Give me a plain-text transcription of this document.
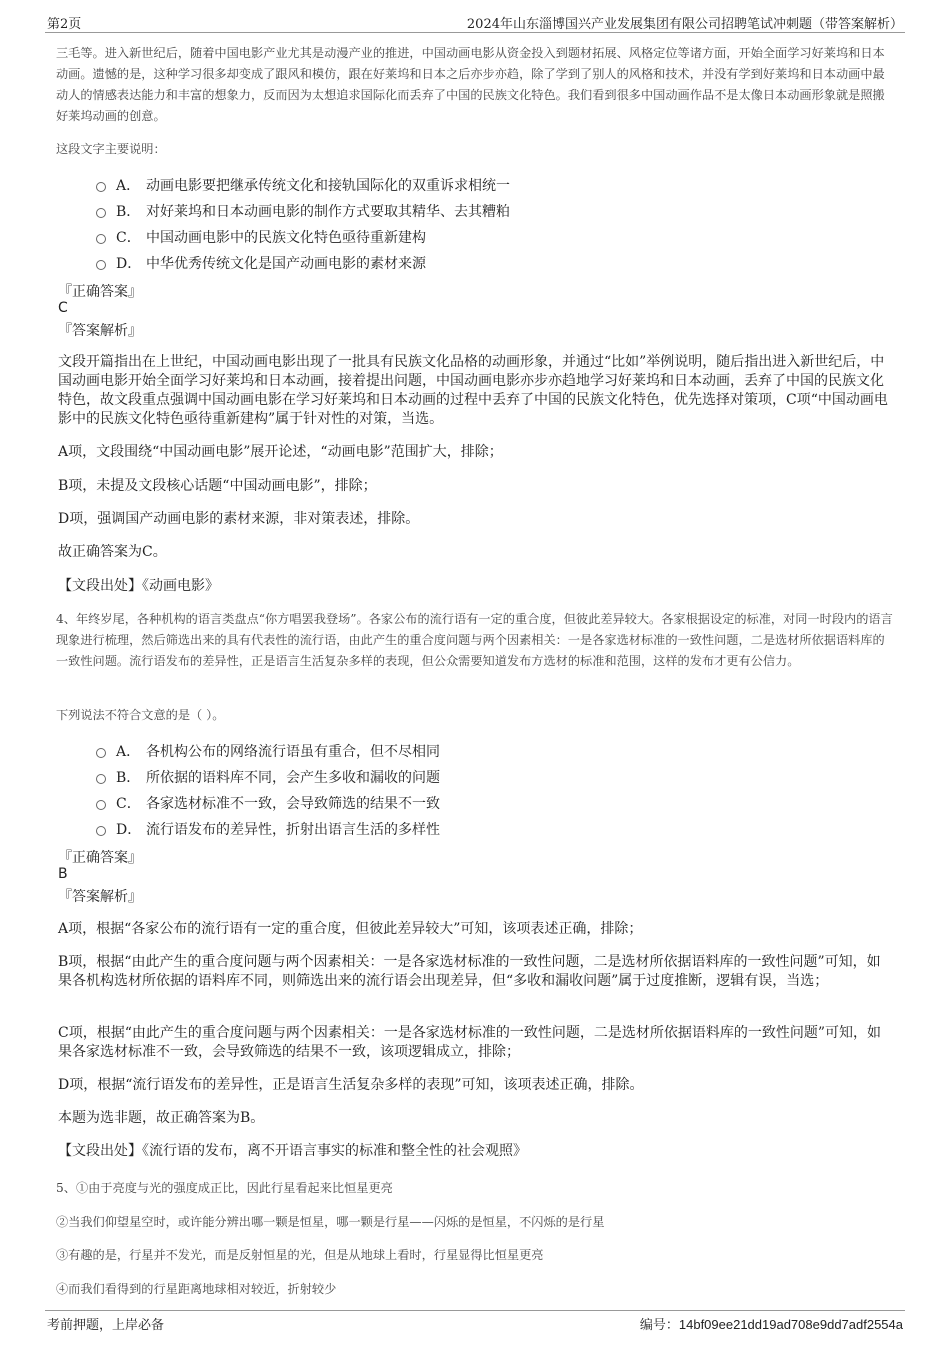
第2页	2024年山东淄博国兴产业发展集团有限公司招聘笔试冲刺题（带答案解析）
三毛等。进入新世纪后，随着中国电影产业尤其是动漫产业的推进，中国动画电影从资金投入到题材拓展、风格定位等诸方面，开始全面学习好莱坞和日本动画。遗憾的是，这种学习很多却变成了跟风和模仿，跟在好莱坞和日本之后亦步亦趋，除了学到了别人的风格和技术，并没有学到好莱坞和日本动画中最动人的情感表达能力和丰富的想象力，反而因为太想追求国际化而丢弃了中国的民族文化特色。我们看到很多中国动画作品不是太像日本动画形象就是照搬好莱坞动画的创意。
这段文字主要说明：
A． 动画电影要把继承传统文化和接轨国际化的双重诉求相统一
B． 对好莱坞和日本动画电影的制作方式要取其精华、去其糟粕
C． 中国动画电影中的民族文化特色亟待重新建构
D． 中华优秀传统文化是国产动画电影的素材来源
『正确答案』
C
『答案解析』
文段开篇指出在上世纪，中国动画电影出现了一批具有民族文化品格的动画形象，并通过“比如”举例说明，随后指出进入新世纪后，中国动画电影开始全面学习好莱坞和日本动画，接着提出问题，中国动画电影亦步亦趋地学习好莱坞和日本动画，丢弃了中国的民族文化特色，故文段重点强调中国动画电影在学习好莱坞和日本动画的过程中丢弃了中国的民族文化特色，优先选择对策项，C项“中国动画电影中的民族文化特色亟待重新建构”属于针对性的对策，当选。
A项，文段围绕“中国动画电影”展开论述，“动画电影”范围扩大，排除；
B项，未提及文段核心话题“中国动画电影”，排除；
D项，强调国产动画电影的素材来源，非对策表述，排除。
故正确答案为C。
【文段出处】《动画电影》
4、年终岁尾，各种机构的语言类盘点“你方唱罢我登场”。各家公布的流行语有一定的重合度，但彼此差异较大。各家根据设定的标准，对同一时段内的语言现象进行梳理，然后筛选出来的具有代表性的流行语，由此产生的重合度问题与两个因素相关：一是各家选材标准的一致性问题，二是选材所依据语料库的一致性问题。流行语发布的差异性，正是语言生活复杂多样的表现，但公众需要知道发布方选材的标准和范围，这样的发布才更有公信力。
下列说法不符合文意的是（ ）。
A． 各机构公布的网络流行语虽有重合，但不尽相同
B． 所依据的语料库不同，会产生多收和漏收的问题
C． 各家选材标准不一致，会导致筛选的结果不一致
D． 流行语发布的差异性，折射出语言生活的多样性
『正确答案』
B
『答案解析』
A项，根据“各家公布的流行语有一定的重合度，但彼此差异较大”可知，该项表述正确，排除；
B项，根据“由此产生的重合度问题与两个因素相关：一是各家选材标准的一致性问题，二是选材所依据语料库的一致性问题”可知，如果各机构选材所依据的语料库不同，则筛选出来的流行语会出现差异，但“多收和漏收问题”属于过度推断，逻辑有误，当选；
C项，根据“由此产生的重合度问题与两个因素相关：一是各家选材标准的一致性问题，二是选材所依据语料库的一致性问题”可知，如果各家选材标准不一致，会导致筛选的结果不一致，该项逻辑成立，排除；
D项，根据“流行语发布的差异性，正是语言生活复杂多样的表现”可知，该项表述正确，排除。
本题为选非题，故正确答案为B。
【文段出处】《流行语的发布，离不开语言事实的标准和整全性的社会观照》
5、①由于亮度与光的强度成正比，因此行星看起来比恒星更亮
②当我们仰望星空时，或许能分辨出哪一颗是恒星，哪一颗是行星——闪烁的是恒星，不闪烁的是行星
③有趣的是，行星并不发光，而是反射恒星的光，但是从地球上看时，行星显得比恒星更亮
④而我们看得到的行星距离地球相对较近，折射较少
考前押题，上岸必备	编号：14bf09ee21dd19ad708e9dd7adf2554a
